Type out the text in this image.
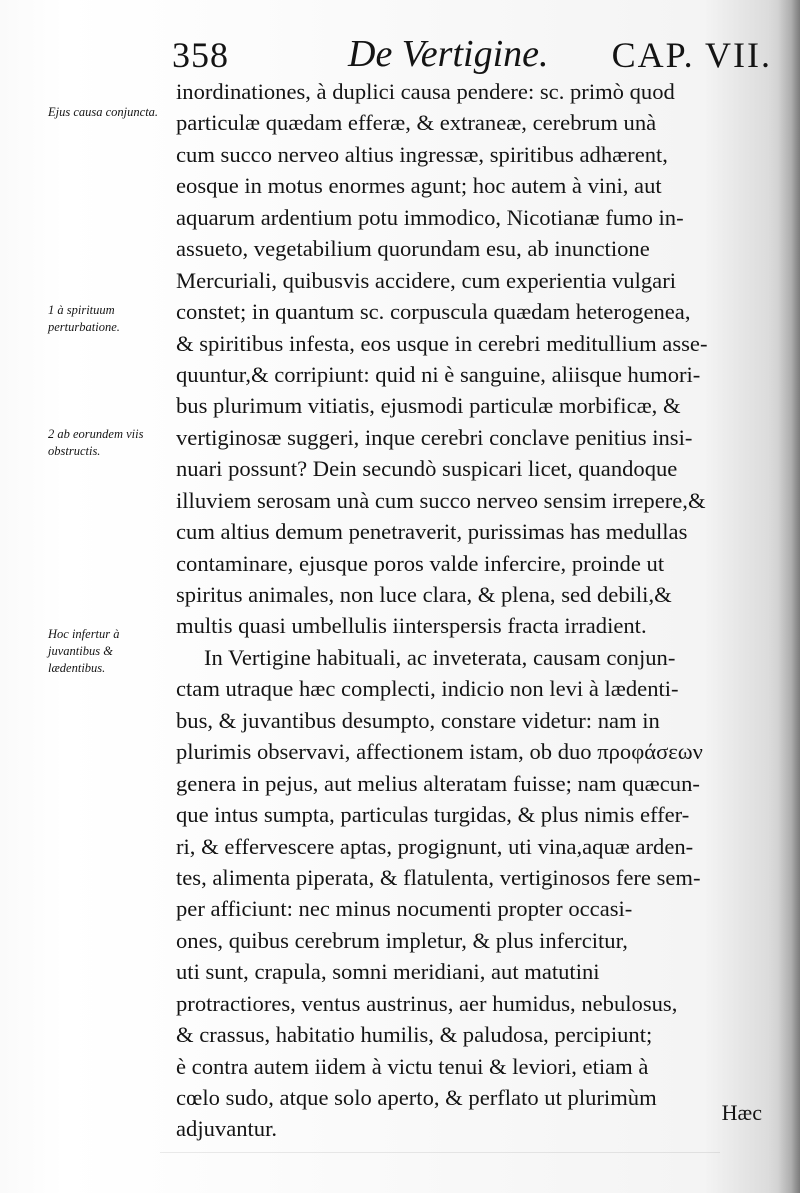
358	De Vertigine. CAP. VII.
Ejus causa conjuncta.
1 à spirituum perturbatione.
2 ab eorundem viis obstructis.
Hoc infertur à juvantibus & lædentibus.
inordinationes, à duplici causa pendere: sc. primò quod
particulæ quædam efferæ, & extraneæ, cerebrum unà
cum succo nerveo altius ingressæ, spiritibus adhærent,
eosque in motus enormes agunt; hoc autem à vini, aut
aquarum ardentium potu immodico, Nicotianæ fumo in-
assueto, vegetabilium quorundam esu, ab inunctione
Mercuriali, quibusvis accidere, cum experientia vulgari
constet; in quantum sc. corpuscula quædam heterogenea,
& spiritibus infesta, eos usque in cerebri meditullium asse-
quuntur,& corripiunt: quid ni è sanguine, aliisque humori-
bus plurimum vitiatis, ejusmodi particulæ morbificæ, &
vertiginosæ suggeri, inque cerebri conclave penitius insi-
nuari possunt? Dein secundò suspicari licet, quandoque
illuviem serosam unà cum succo nerveo sensim irrepere,&
cum altius demum penetraverit, purissimas has medullas
contaminare, ejusque poros valde infercire, proinde ut
spiritus animales, non luce clara, & plena, sed debili,&
multis quasi umbellulis iinterspersis fracta irradient.
In Vertigine habituali, ac inveterata, causam conjun-
ctam utraque hæc complecti, indicio non levi à lædenti-
bus, & juvantibus desumpto, constare videtur: nam in
plurimis observavi, affectionem istam, ob duo προφάσεων
genera in pejus, aut melius alteratam fuisse; nam quæcun-
que intus sumpta, particulas turgidas, & plus nimis effer-
ri, & effervescere aptas, progignunt, uti vina,aquæ arden-
tes, alimenta piperata, & flatulenta, vertiginosos fere sem-
per afficiunt: nec minus nocumenti propter occasi-
ones, quibus cerebrum impletur, & plus infercitur,
uti sunt, crapula, somni meridiani, aut matutini
protractiores, ventus austrinus, aer humidus, nebulosus,
& crassus, habitatio humilis, & paludosa, percipiunt;
è contra autem iidem à victu tenui & leviori, etiam à
cœlo sudo, atque solo aperto, & perflato ut plurimùm
adjuvantur.
Hæc
